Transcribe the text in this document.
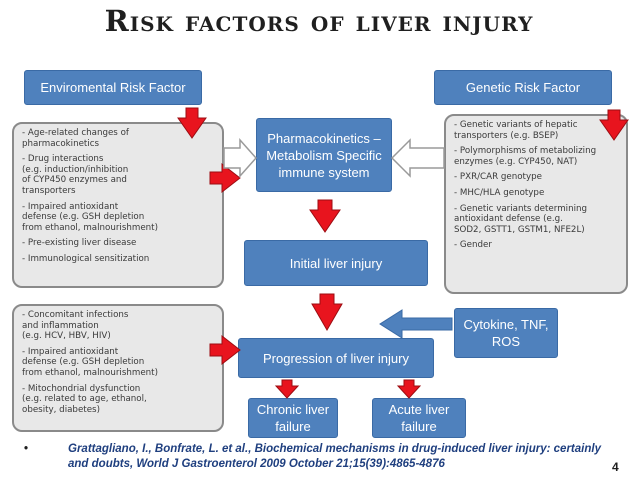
Risk factors of liver injury
Enviromental Risk Factor	Genetic Risk Factor
- Age-related changes of
pharmacokinetics
- Drug interactions
(e.g. induction/inhibition
of CYP450 enzymes and
transporters
- Impaired antioxidant
defense (e.g. GSH depletion
from ethanol, malnourishment)
- Pre-existing liver disease
- Immunological sensitization
- Concomitant infections
and inflammation
(e.g. HCV, HBV, HIV)
- Impaired antioxidant
defense (e.g. GSH depletion
from ethanol, malnourishment)
- Mitochondrial dysfunction
(e.g. related to age, ethanol,
obesity, diabetes)
- Genetic variants of hepatic
transporters (e.g. BSEP)
- Polymorphisms of metabolizing
enzymes (e.g. CYP450, NAT)
- PXR/CAR genotype
- MHC/HLA genotype
- Genetic variants determining
antioxidant defense (e.g.
SOD2, GSTT1, GSTM1, NFE2L)
- Gender
Pharmacokinetics – Metabolism Specific immune system
Initial liver injury
Progression of liver injury
Chronic liver failure
Acute liver failure
Cytokine, TNF, ROS
•	Grattagliano, I., Bonfrate, L. et al., Biochemical mechanisms in drug-induced liver injury: certainly and doubts, World J Gastroenterol 2009 October 21;15(39):4865-4876	4
